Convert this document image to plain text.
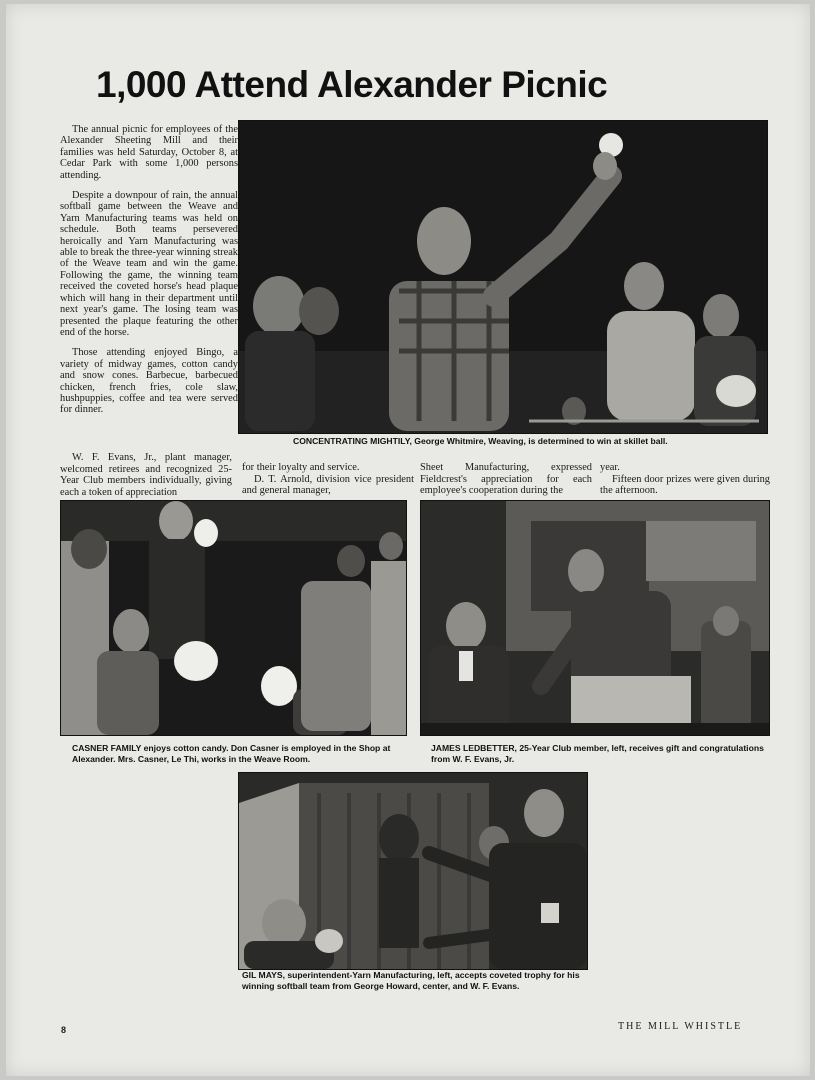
1,000 Attend Alexander Picnic

The annual picnic for employees of the Alexander Sheeting Mill and their families was held Saturday, October 8, at Cedar Park with some 1,000 persons attending.

Despite a downpour of rain, the annual softball game between the Weave and Yarn Manufacturing teams was held on schedule. Both teams persevered heroically and Yarn Manufacturing was able to break the three-year winning streak of the Weave team and win the game. Following the game, the winning team received the coveted horse's head plaque which will hang in their department until next year's game. The losing team was presented the plaque featuring the other end of the horse.

Those attending enjoyed Bingo, a variety of midway games, cotton candy and snow cones. Barbecue, barbecued chicken, french fries, cole slaw, hushpuppies, coffee and tea were served for dinner.

CONCENTRATING MIGHTILY, George Whitmire, Weaving, is determined to win at skillet ball.

W. F. Evans, Jr., plant manager, welcomed retirees and recognized 25-Year Club members individually, giving each a token of appreciation

for their loyalty and service.

D. T. Arnold, division vice president and general manager,

Sheet Manufacturing, expressed Fieldcrest's appreciation for each employee's cooperation during the

year.

Fifteen door prizes were given during the afternoon.

CASNER FAMILY enjoys cotton candy. Don Casner is employed in the Shop at Alexander. Mrs. Casner, Le Thi, works in the Weave Room.
JAMES LEDBETTER, 25-Year Club member, left, receives gift and congratulations from W. F. Evans, Jr.
GIL MAYS, superintendent-Yarn Manufacturing, left, accepts coveted trophy for his winning softball team from George Howard, center, and W. F. Evans.
8	THE MILL WHISTLE
